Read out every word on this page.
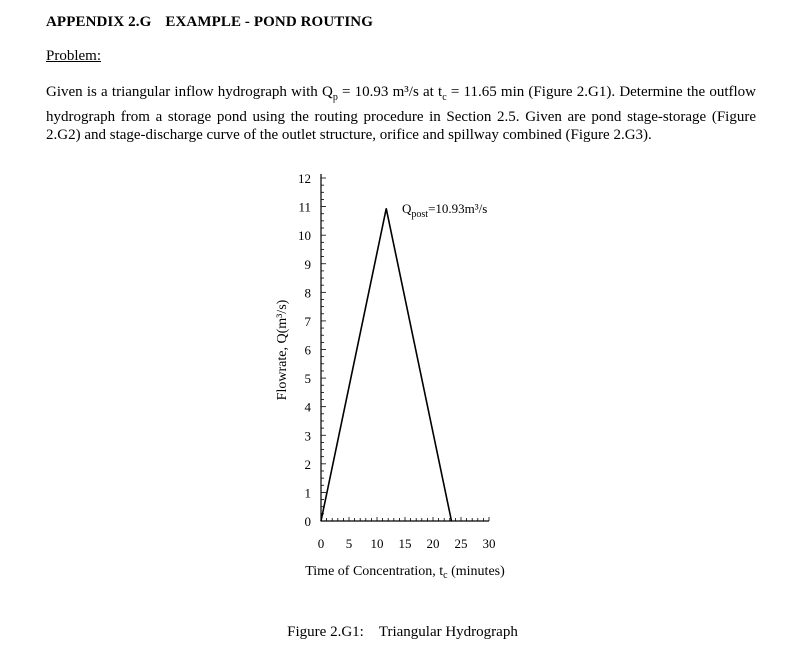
APPENDIX 2.G EXAMPLE - POND ROUTING
Problem:
Given is a triangular inflow hydrograph with $Q_p = 10.93$ m³/s at $t_c = 11.65$ min (Figure 2.G1). Determine the outflow hydrograph from a storage pond using the routing procedure in Section 2.5. Given are pond stage-storage (Figure 2.G2) and stage-discharge curve of the outlet structure, orifice and spillway combined (Figure 2.G3).
0
1
2
3
4
5
6
7
8
9
10
11
12
0 5 10 15 20 25 30
Flowrate, Q(m³/s)
Time of Concentration, $t_c$ (minutes)
$Q_{post}=10.93m^3/s$
Figure 2.G1: Triangular Hydrograph
